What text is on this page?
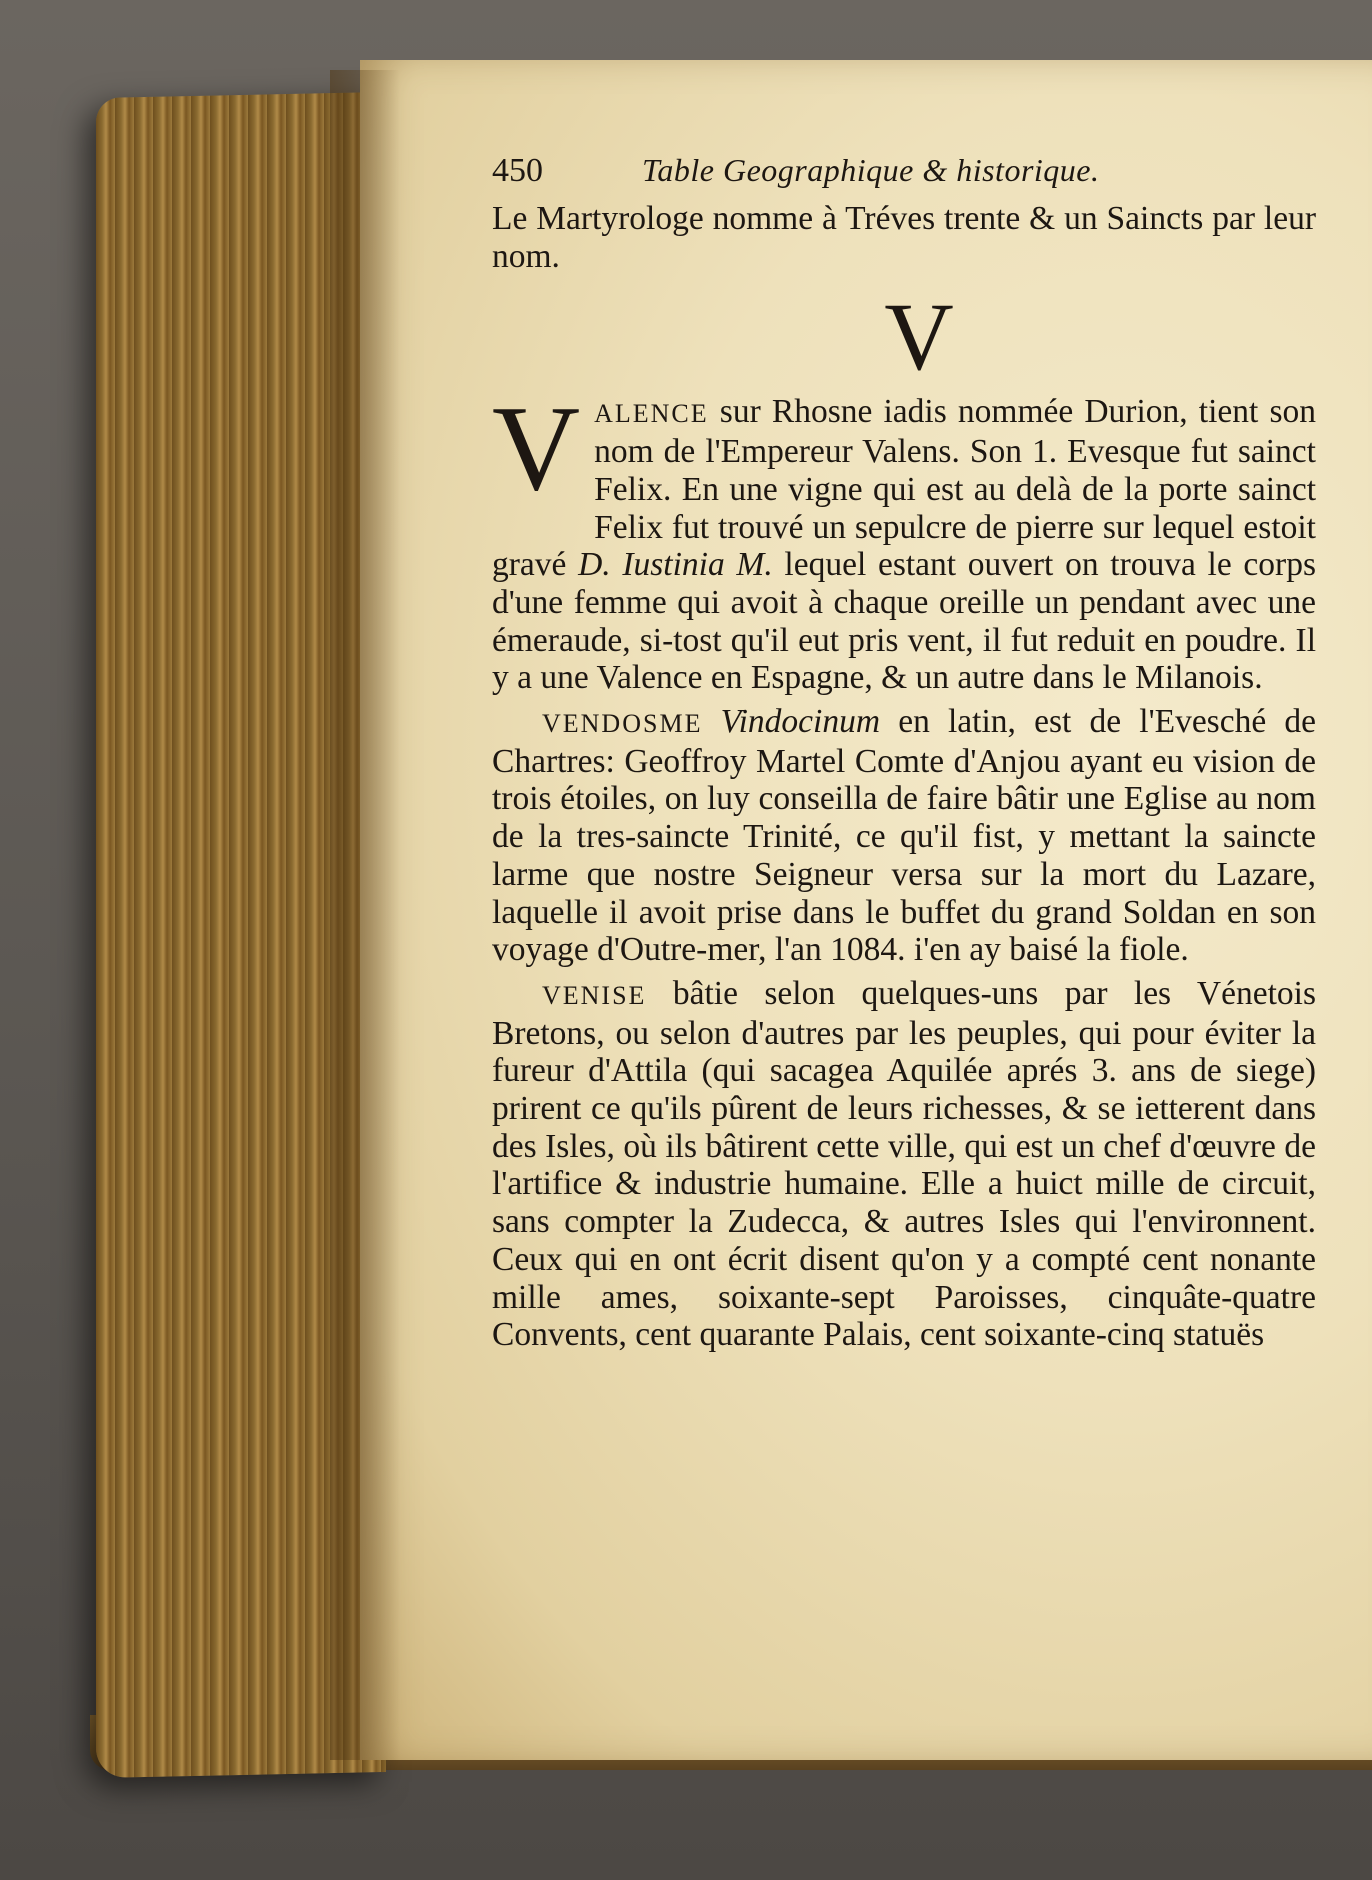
450	Table Geographique & historique.

Le Martyrologe nomme à Tréves trente & un Saincts par leur nom.

V

VALENCE sur Rhosne iadis nommée Durion, tient son nom de l'Empereur Valens. Son 1. Evesque fut sainct Felix. En une vigne qui est au delà de la porte sainct Felix fut trouvé un sepulcre de pierre sur lequel estoit gravé D. Iustinia M. lequel estant ouvert on trouva le corps d'une femme qui avoit à chaque oreille un pendant avec une émeraude, si-tost qu'il eut pris vent, il fut reduit en poudre. Il y a une Valence en Espagne, & un autre dans le Milanois.

VENDOSME Vindocinum en latin, est de l'Evesché de Chartres: Geoffroy Martel Comte d'Anjou ayant eu vision de trois étoiles, on luy conseilla de faire bâtir une Eglise au nom de la tres-saincte Trinité, ce qu'il fist, y mettant la saincte larme que nostre Seigneur versa sur la mort du Lazare, laquelle il avoit prise dans le buffet du grand Soldan en son voyage d'Outre-mer, l'an 1084. i'en ay baisé la fiole.

VENISE bâtie selon quelques-uns par les Vénetois Bretons, ou selon d'autres par les peuples, qui pour éviter la fureur d'Attila (qui sacagea Aquilée aprés 3. ans de siege) prirent ce qu'ils pûrent de leurs richesses, & se ietterent dans des Isles, où ils bâtirent cette ville, qui est un chef d'œuvre de l'artifice & industrie humaine. Elle a huict mille de circuit, sans compter la Zudecca, & autres Isles qui l'environnent. Ceux qui en ont écrit disent qu'on y a compté cent nonante mille ames, soixante-sept Paroisses, cinquâte-quatre Convents, cent quarante Palais, cent soixante-cinq statuës
